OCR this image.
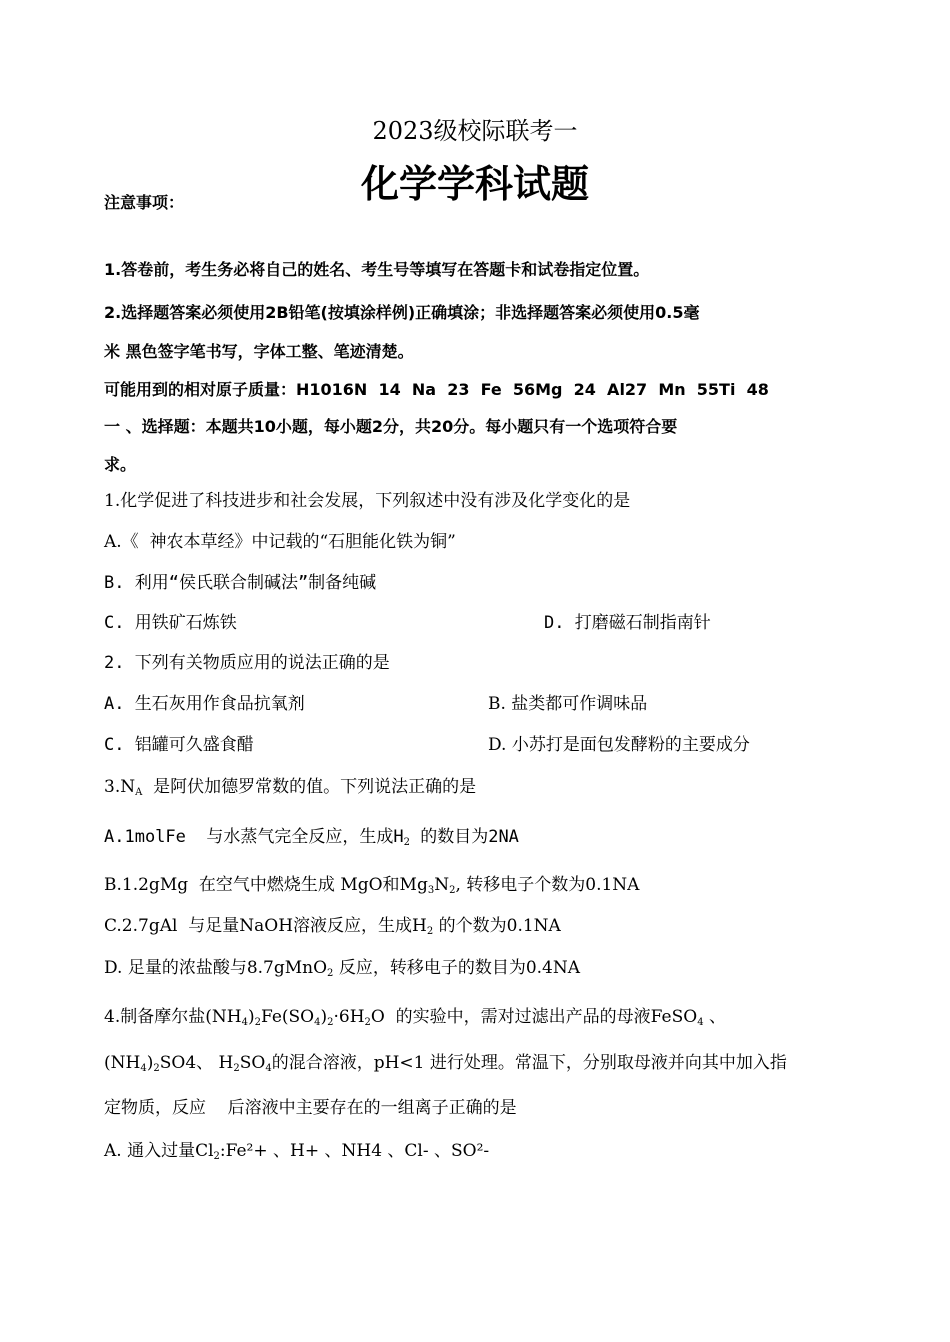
2023级校际联考一
化学学科试题
注意事项：
1.答卷前，考生务必将自己的姓名、考生号等填写在答题卡和试卷指定位置。
2.选择题答案必须使用2B铅笔(按填涂样例)正确填涂；非选择题答案必须使用0.5毫
米 黑色签字笔书写，字体工整、笔迹清楚。
可能用到的相对原子质量：H1016N  14  Na  23  Fe  56Mg  24  Al27  Mn  55Ti  48
一 、选择题：本题共10小题，每小题2分，共20分。每小题只有一个选项符合要
求。
1.化学促进了科技进步和社会发展，下列叙述中没有涉及化学变化的是
A.《  神农本草经》中记载的“石胆能化铁为铜”
B. 利用“侯氏联合制碱法”制备纯碱
C. 用铁矿石炼铁	D. 打磨磁石制指南针
2. 下列有关物质应用的说法正确的是
A. 生石灰用作食品抗氧剂	B. 盐类都可作调味品
C. 铝罐可久盛食醋	D. 小苏打是面包发酵粉的主要成分
$3.N_A$  是阿伏加德罗常数的值。下列说法正确的是
A.1molFe  与水蒸气完全反应，生成$H_2$ 的数目为2NA
B.1.2gMg  在空气中燃烧生成 MgO和$Mg_3N_2$, 转移电子个数为0.1NA
C.2.7gAl  与足量NaOH溶液反应，生成$H_2$ 的个数为0.1NA
D. 足量的浓盐酸与8.7gMnO$_2$ 反应，转移电子的数目为0.4NA
4.制备摩尔盐$(NH_4)_2Fe(SO_4)_2\cdot 6H_2O$  的实验中，需对过滤出产品的母液FeSO$_4$ 、
$(NH_4)_2SO4$、 $H_2SO_4$的混合溶液，pH<1 进行处理。常温下，分别取母液并向其中加入指
定物质，反应    后溶液中主要存在的一组离子正确的是
A. 通入过量$Cl_2:Fe^2+$ 、H+ 、NH4 、Cl- 、SO²-
